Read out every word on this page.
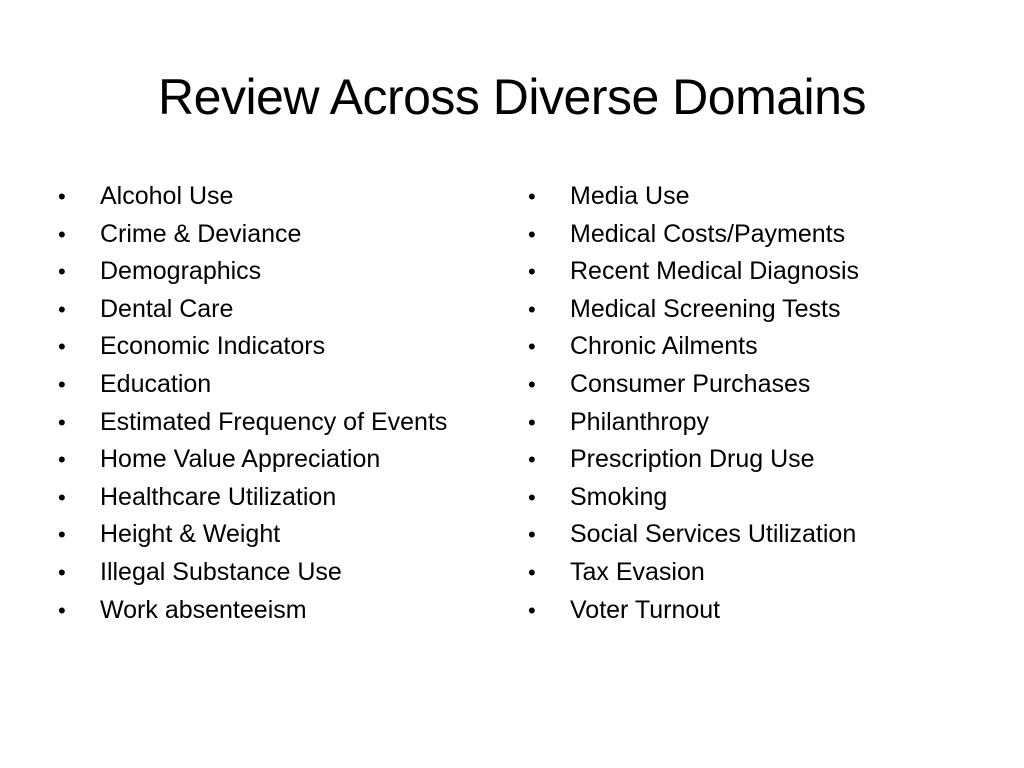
Review Across Diverse Domains
•	Alcohol Use
•	Crime & Deviance
•	Demographics
•	Dental Care
•	Economic Indicators
•	Education
•	Estimated Frequency of Events
•	Home Value Appreciation
•	Healthcare Utilization
•	Height & Weight
•	Illegal Substance Use
•	Work absenteeism
•	Media Use
•	Medical Costs/Payments
•	Recent Medical Diagnosis
•	Medical Screening Tests
•	Chronic Ailments
•	Consumer Purchases
•	Philanthropy
•	Prescription Drug Use
•	Smoking
•	Social Services Utilization
•	Tax Evasion
•	Voter Turnout
